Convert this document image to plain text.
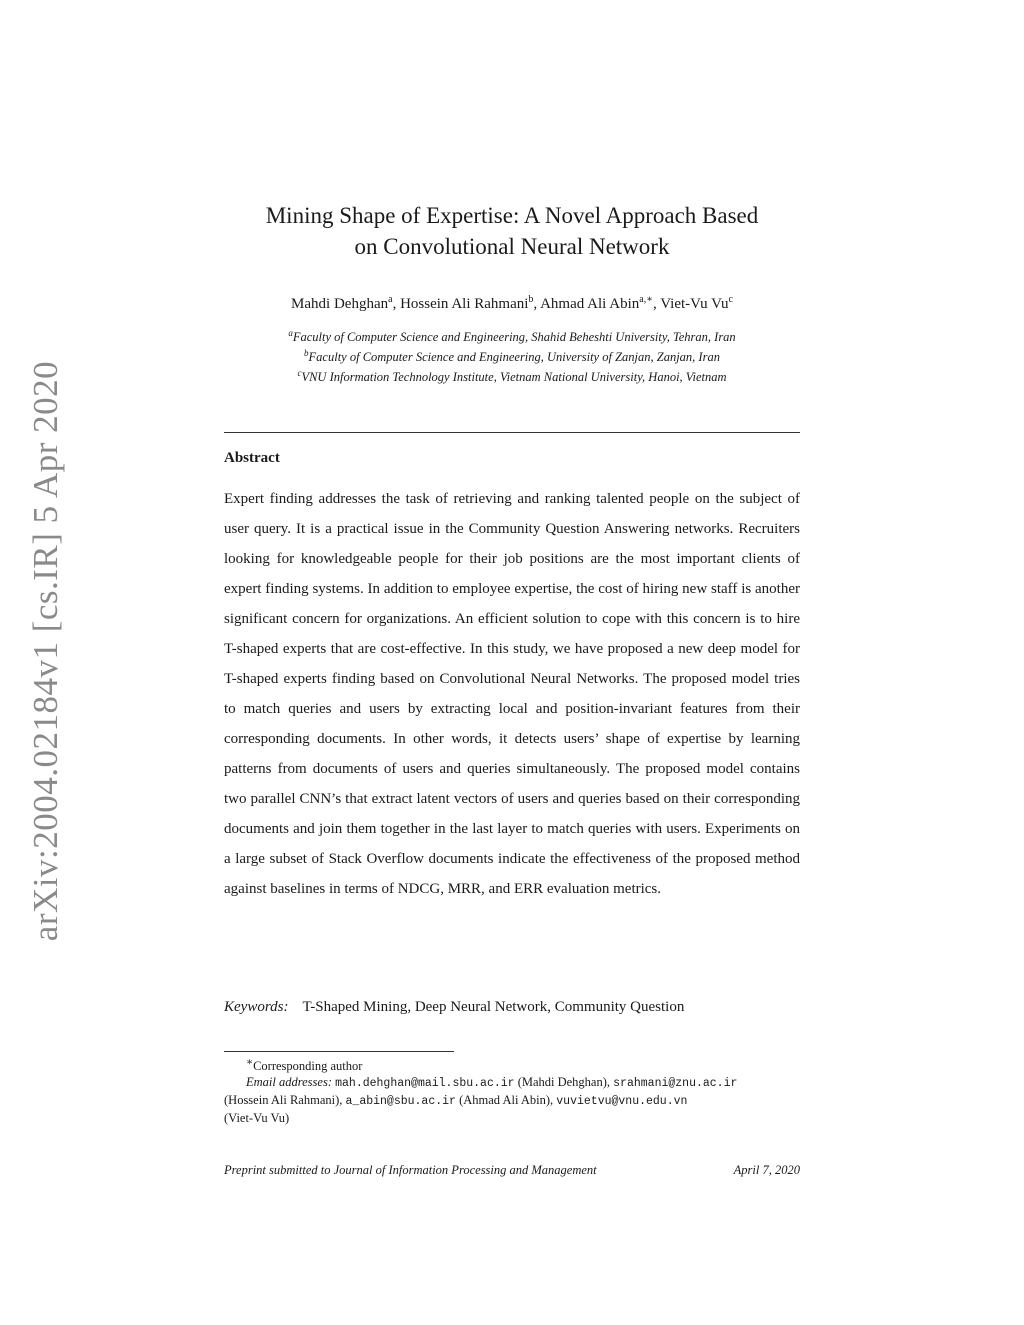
arXiv:2004.02184v1 [cs.IR] 5 Apr 2020
Mining Shape of Expertise: A Novel Approach Based
on Convolutional Neural Network
Mahdi Dehghan$^a$, Hossein Ali Rahmani$^b$, Ahmad Ali Abin$^{a,∗}$, Viet-Vu Vu$^c$
$^a$Faculty of Computer Science and Engineering, Shahid Beheshti University, Tehran, Iran
$^b$Faculty of Computer Science and Engineering, University of Zanjan, Zanjan, Iran
$^c$VNU Information Technology Institute, Vietnam National University, Hanoi, Vietnam
Abstract
Expert finding addresses the task of retrieving and ranking talented people on the subject of user query. It is a practical issue in the Community Question Answering networks. Recruiters looking for knowledgeable people for their job positions are the most important clients of expert finding systems. In addition to employee expertise, the cost of hiring new staff is another significant concern for organizations. An efficient solution to cope with this concern is to hire T-shaped experts that are cost-effective. In this study, we have proposed a new deep model for T-shaped experts finding based on Convolutional Neural Networks. The proposed model tries to match queries and users by extracting local and position-invariant features from their corresponding documents. In other words, it detects users’ shape of expertise by learning patterns from documents of users and queries simultaneously. The proposed model contains two parallel CNN’s that extract latent vectors of users and queries based on their corresponding documents and join them together in the last layer to match queries with users. Experiments on a large subset of Stack Overflow documents indicate the effectiveness of the proposed method against baselines in terms of NDCG, MRR, and ERR evaluation metrics.
Keywords: T-Shaped Mining, Deep Neural Network, Community Question
∗Corresponding author
Email addresses: mah.dehghan@mail.sbu.ac.ir (Mahdi Dehghan), srahmani@znu.ac.ir
(Hossein Ali Rahmani), a_abin@sbu.ac.ir (Ahmad Ali Abin), vuvietvu@vnu.edu.vn
(Viet-Vu Vu)
Preprint submitted to Journal of Information Processing and Management	April 7, 2020
